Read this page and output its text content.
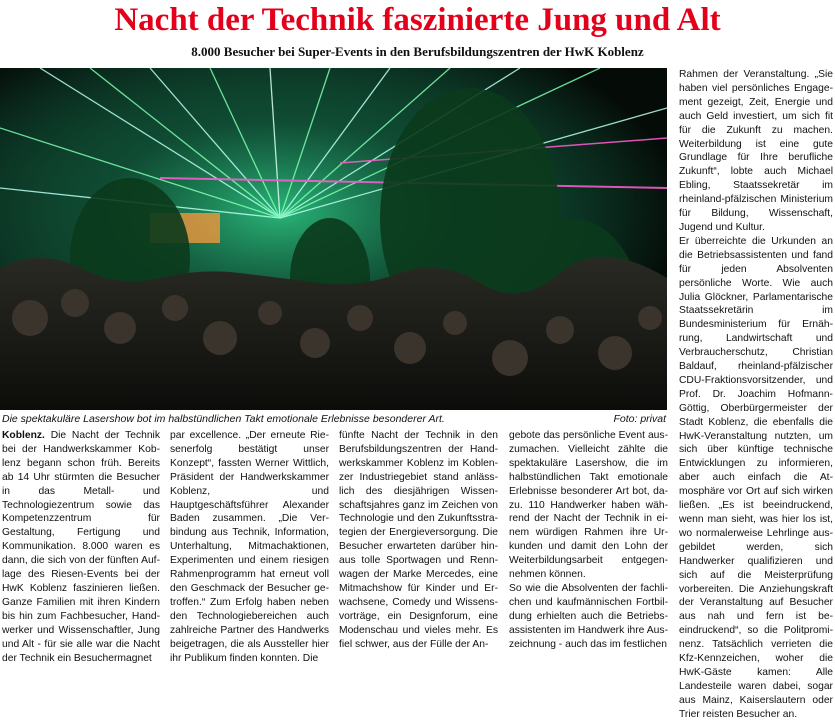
Nacht der Technik faszinierte Jung und Alt
8.000 Besucher bei Super-Events in den Berufsbildungszentren der HwK Koblenz
Die spektakuläre Lasershow bot im halbstündlichen Takt emotionale Erlebnisse besonderer Art.	Foto: privat

Koblenz. Die Nacht der Technik bei der Handwerkskammer Koblenz begann schon früh. Bereits ab 14 Uhr stürmten die Besucher in das Metall- und Technologiezentrum sowie das Kompetenzzentrum für Gestaltung, Fertigung und Kommunikation. 8.000 waren es dann, die sich von der fünften Auflage des Riesen-Events bei der HwK Koblenz faszinieren ließen. Ganze Familien mit ihren Kindern bis hin zum Fachbesucher, Handwerker und Wissenschaftler, Jung und Alt - für sie alle war die Nacht der Technik ein Besuchermagnet

par excellence. „Der erneute Riesenerfolg bestätigt unser Konzept“, fassten Werner Wittlich, Präsident der Handwerkskammer Koblenz, und Hauptgeschäftsführer Alexander Baden zusammen. „Die Verbindung aus Technik, Information, Unterhaltung, Mitmachaktionen, Experimenten und einem riesigen Rahmenprogramm hat erneut voll den Geschmack der Besucher getroffen.“ Zum Erfolg haben neben den Technologiebereichen auch zahlreiche Partner des Handwerks beigetragen, die als Aussteller hier ihr Publikum finden konnten. Die

fünfte Nacht der Technik in den Berufsbildungszentren der Handwerkskammer Koblenz im Koblenzer Industriegebiet stand anlässlich des diesjährigen Wissenschaftsjahres ganz im Zeichen von Technologie und den Zukunftsstrategien der Energieversorgung. Die Besucher erwarteten darüber hinaus tolle Sportwagen und Rennwagen der Marke Mercedes, eine Mitmachshow für Kinder und Erwachsene, Comedy und Wissensvorträge, ein Designforum, eine Modenschau und vieles mehr. Es fiel schwer, aus der Fülle der An-

gebote das persönliche Event auszumachen. Vielleicht zählte die spektakuläre Lasershow, die im halbstündlichen Takt emotionale Erlebnisse besonderer Art bot, dazu. 110 Handwerker haben während der Nacht der Technik in einem würdigen Rahmen ihre Urkunden und damit den Lohn der Weiterbildungsarbeit entgegennehmen können.

So wie die Absolventen der fachlichen und kaufmännischen Fortbildung erhielten auch die Betriebsassistenten im Handwerk ihre Auszeichnung - auch das im festlichen

Rahmen der Veranstaltung. „Sie haben viel persönliches Engagement gezeigt, Zeit, Energie und auch Geld investiert, um sich fit für die Zukunft zu machen. Weiterbildung ist eine gute Grundlage für Ihre berufliche Zukunft“, lobte auch Michael Ebling, Staatssekretär im rheinland-pfälzischen Ministerium für Bildung, Wissenschaft, Jugend und Kultur.

Er überreichte die Urkunden an die Betriebsassistenten und fand für jeden Absolventen persönliche Worte. Wie auch Julia Glöckner, Parlamentarische Staatssekretärin im Bundesministerium für Ernährung, Landwirtschaft und Verbraucherschutz, Christian Baldauf, rheinland-pfälzischer CDU-Fraktionsvorsitzender, und Prof. Dr. Joachim Hofmann-Göttig, Oberbürgermeister der Stadt Koblenz, die ebenfalls die HwK-Veranstaltung nutzten, um sich über künftige technische Entwicklungen zu informieren, aber auch einfach die Atmosphäre vor Ort auf sich wirken ließen. „Es ist beeindruckend, wenn man sieht, was hier los ist, wo normalerweise Lehrlinge ausgebildet werden, sich Handwerker qualifizieren und sich auf die Meisterprüfung vorbereiten. Die Anziehungskraft der Veranstaltung auf Besucher aus nah und fern ist beeindruckend“, so die Politprominenz. Tatsächlich verrieten die Kfz-Kennzeichen, woher die HwK-Gäste kamen: Alle Landesteile waren dabei, sogar aus Mainz, Kaiserslautern oder Trier reisten Besucher an.
